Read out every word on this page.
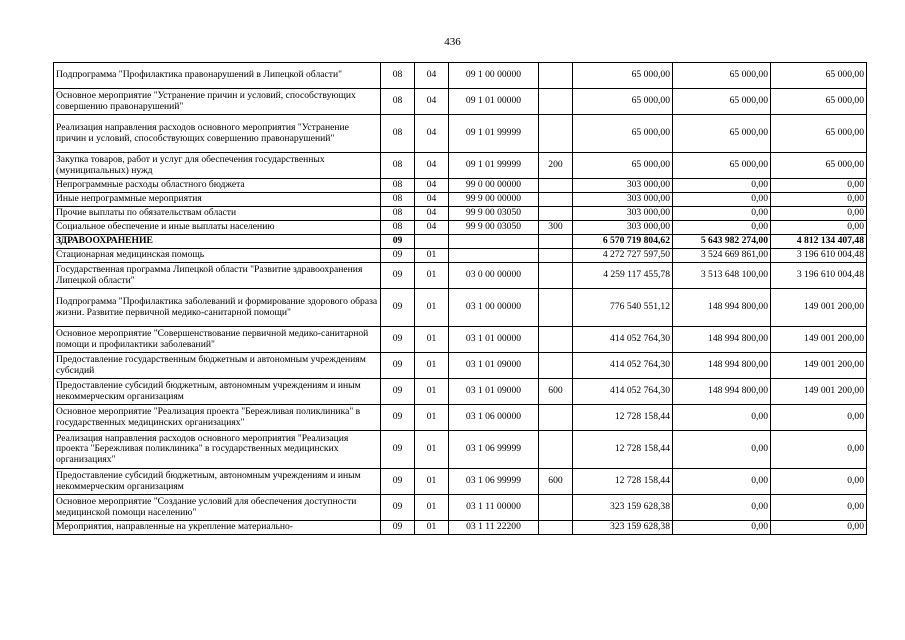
436
Подпрограмма "Профилактика правонарушений в Липецкой области"	08	04	09 1 00 00000		65 000,00	65 000,00	65 000,00
Основное мероприятие "Устранение причин и условий, способствующих совершению правонарушений"	08	04	09 1 01 00000		65 000,00	65 000,00	65 000,00
Реализация направления расходов основного мероприятия "Устранение причин и условий, способствующих совершению правонарушений"	08	04	09 1 01 99999		65 000,00	65 000,00	65 000,00
Закупка товаров, работ и услуг для обеспечения государственных (муниципальных) нужд	08	04	09 1 01 99999	200	65 000,00	65 000,00	65 000,00
Непрограммные расходы областного бюджета	08	04	99 0 00 00000		303 000,00	0,00	0,00
Иные непрограммные мероприятия	08	04	99 9 00 00000		303 000,00	0,00	0,00
Прочие выплаты по обязательствам области	08	04	99 9 00 03050		303 000,00	0,00	0,00
Социальное обеспечение и иные выплаты населению	08	04	99 9 00 03050	300	303 000,00	0,00	0,00
ЗДРАВООХРАНЕНИЕ	09				6 570 719 804,62	5 643 982 274,00	4 812 134 407,48
Стационарная медицинская помощь	09	01			4 272 727 597,50	3 524 669 861,00	3 196 610 004,48
Государственная программа Липецкой области "Развитие здравоохранения Липецкой области"	09	01	03 0 00 00000		4 259 117 455,78	3 513 648 100,00	3 196 610 004,48
Подпрограмма "Профилактика заболеваний и формирование здорового образа жизни. Развитие первичной медико-санитарной помощи"	09	01	03 1 00 00000		776 540 551,12	148 994 800,00	149 001 200,00
Основное мероприятие "Совершенствование первичной медико-санитарной помощи и профилактики заболеваний"	09	01	03 1 01 00000		414 052 764,30	148 994 800,00	149 001 200,00
Предоставление государственным бюджетным и автономным учреждениям субсидий	09	01	03 1 01 09000		414 052 764,30	148 994 800,00	149 001 200,00
Предоставление субсидий бюджетным, автономным учреждениям и иным некоммерческим организациям	09	01	03 1 01 09000	600	414 052 764,30	148 994 800,00	149 001 200,00
Основное мероприятие "Реализация проекта "Бережливая поликлиника" в государственных медицинских организациях"	09	01	03 1 06 00000		12 728 158,44	0,00	0,00
Реализация направления расходов основного мероприятия "Реализация проекта "Бережливая поликлиника" в государственных медицинских организациях"	09	01	03 1 06 99999		12 728 158,44	0,00	0,00
Предоставление субсидий бюджетным, автономным учреждениям и иным некоммерческим организациям	09	01	03 1 06 99999	600	12 728 158,44	0,00	0,00
Основное мероприятие "Создание условий для обеспечения доступности медицинской помощи населению"	09	01	03 1 11 00000		323 159 628,38	0,00	0,00
Мероприятия, направленные на укрепление материально-	09	01	03 1 11 22200		323 159 628,38	0,00	0,00
